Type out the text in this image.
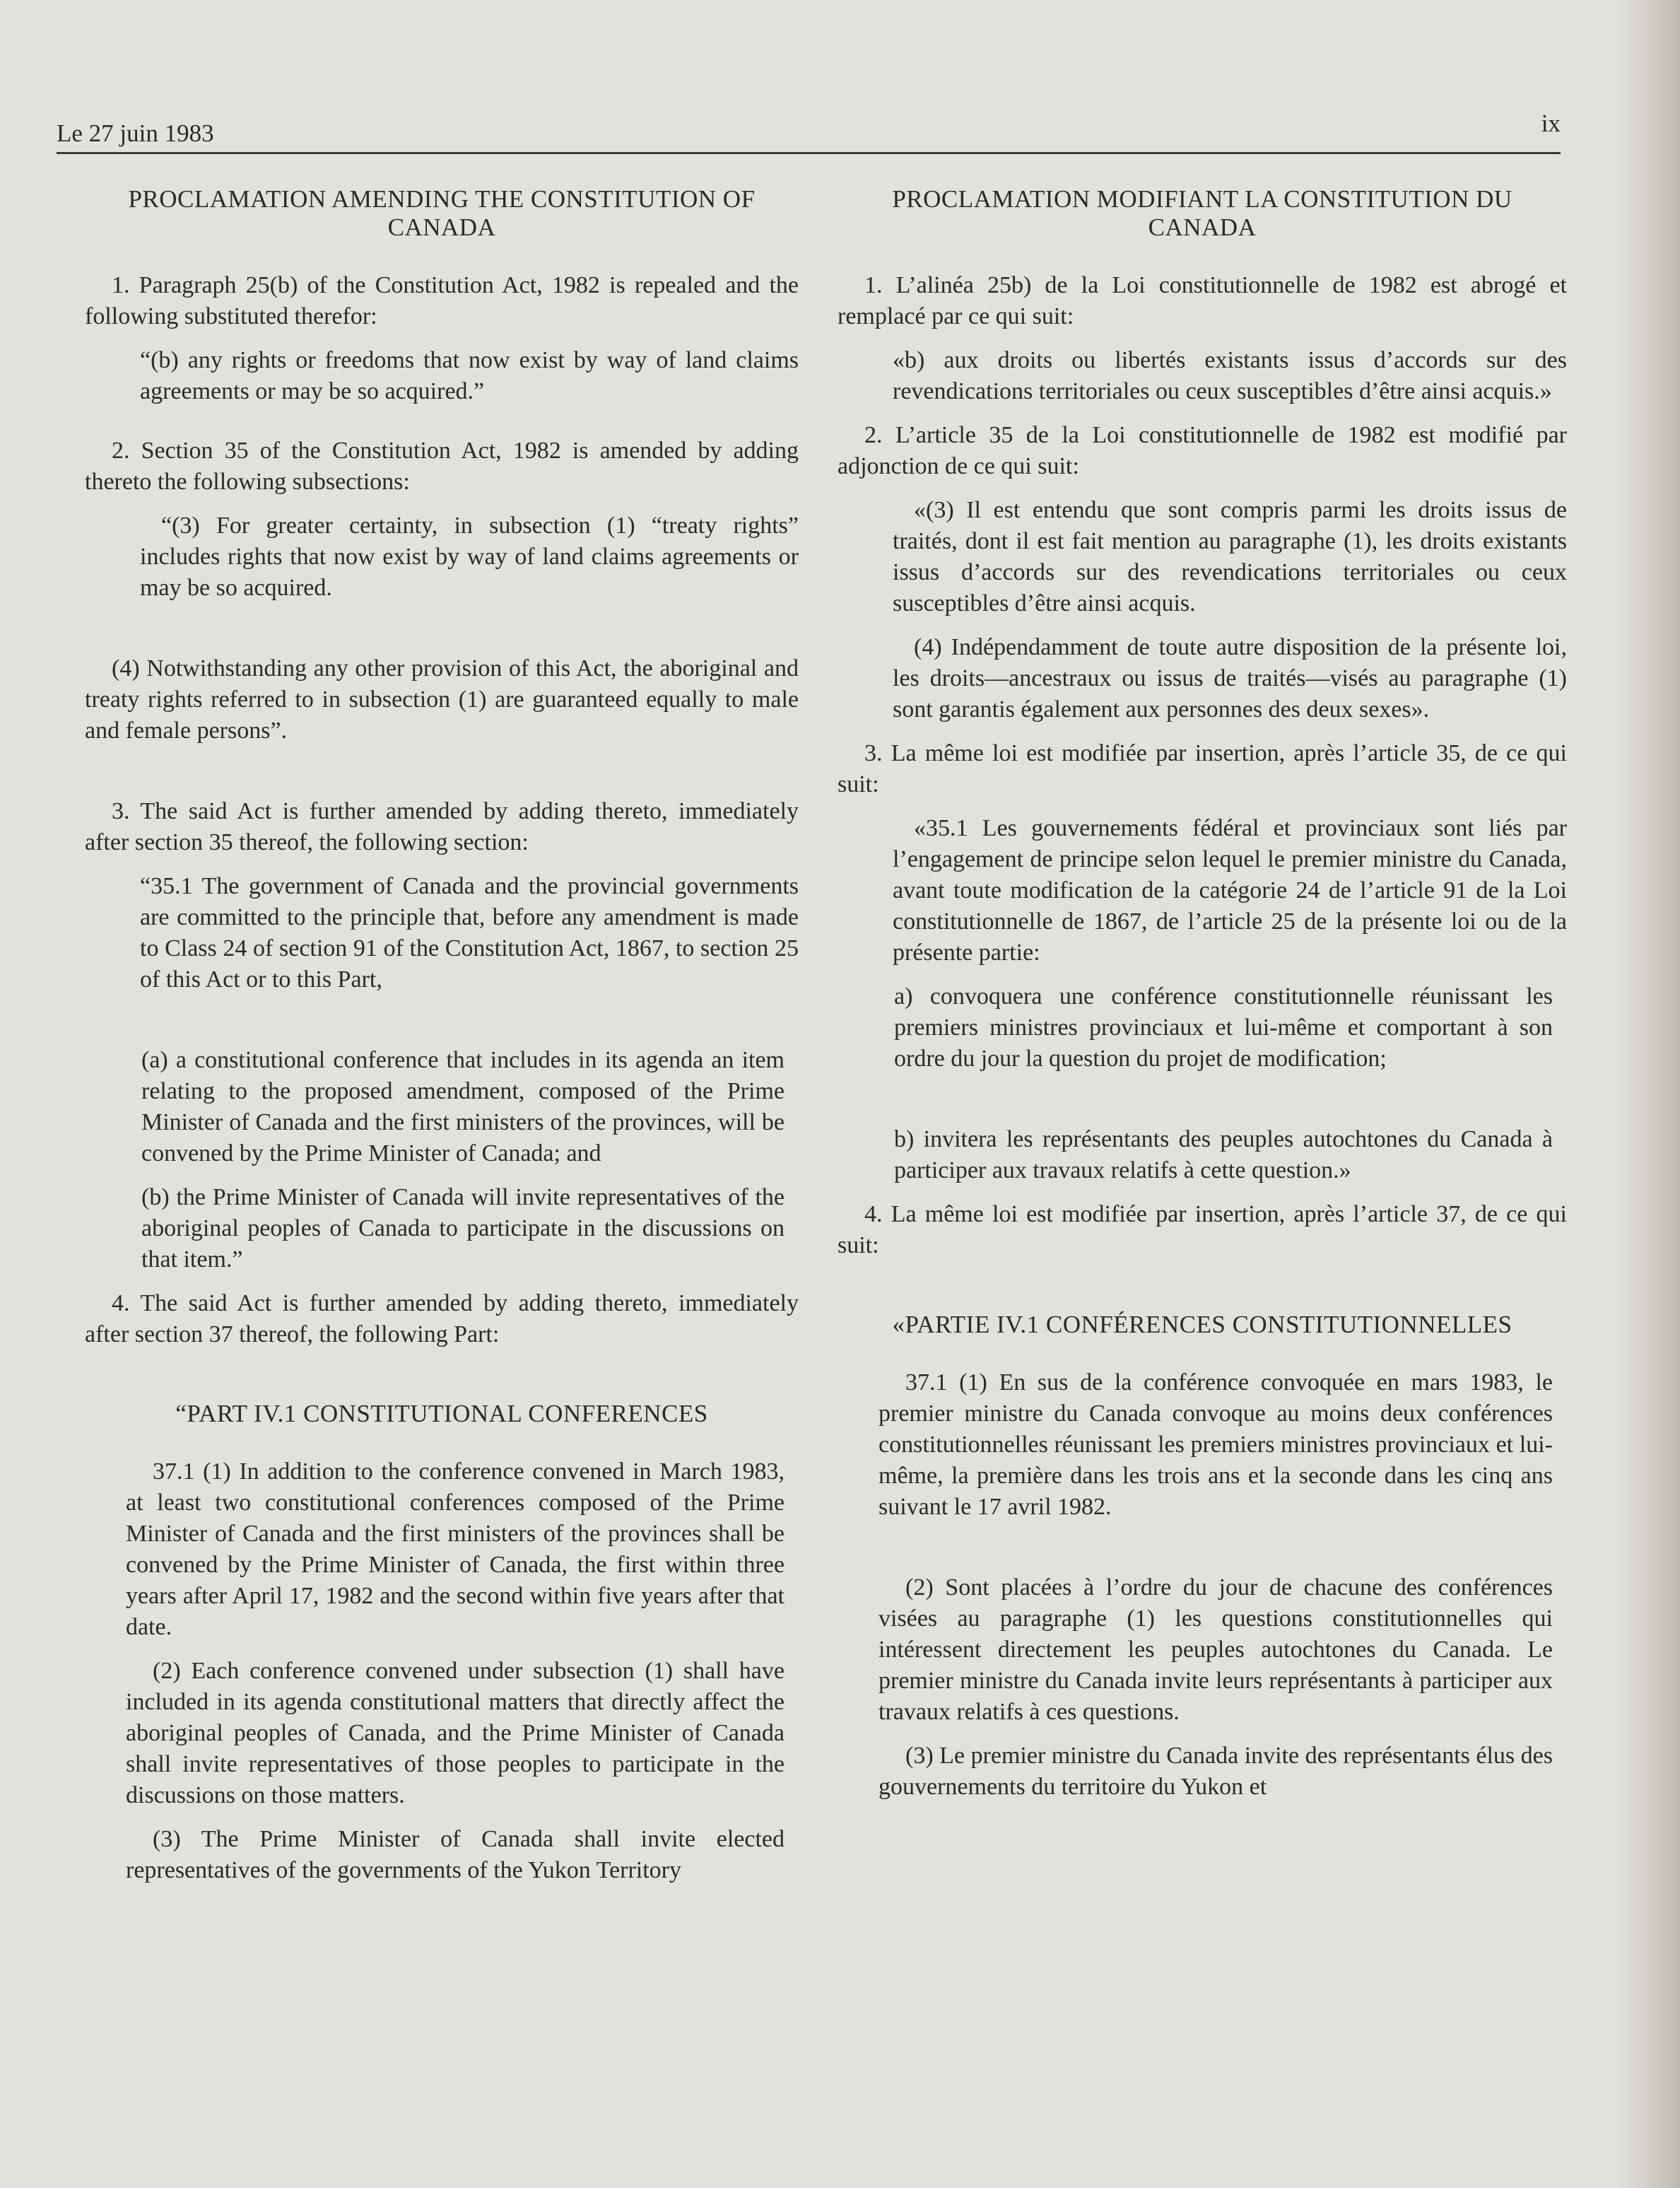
Le 27 juin 1983	ix

PROCLAMATION AMENDING THE CONSTITUTION OF CANADA

1. Paragraph 25(b) of the Constitution Act, 1982 is repealed and the following substituted therefor:

“(b) any rights or freedoms that now exist by way of land claims agreements or may be so acquired.”

2. Section 35 of the Constitution Act, 1982 is amended by adding thereto the following subsections:

“(3) For greater certainty, in subsection (1) “treaty rights” includes rights that now exist by way of land claims agreements or may be so acquired.

(4) Notwithstanding any other provision of this Act, the aboriginal and treaty rights referred to in subsection (1) are guaranteed equally to male and female persons”.

3. The said Act is further amended by adding thereto, immediately after section 35 thereof, the following section:

“35.1 The government of Canada and the provincial governments are committed to the principle that, before any amendment is made to Class 24 of section 91 of the Constitution Act, 1867, to section 25 of this Act or to this Part,

(a) a constitutional conference that includes in its agenda an item relating to the proposed amendment, composed of the Prime Minister of Canada and the first ministers of the provinces, will be convened by the Prime Minister of Canada; and

(b) the Prime Minister of Canada will invite representatives of the aboriginal peoples of Canada to participate in the discussions on that item.”

4. The said Act is further amended by adding thereto, immediately after section 37 thereof, the following Part:

“PART IV.1 CONSTITUTIONAL CONFERENCES

37.1 (1) In addition to the conference convened in March 1983, at least two constitutional conferences composed of the Prime Minister of Canada and the first ministers of the provinces shall be convened by the Prime Minister of Canada, the first within three years after April 17, 1982 and the second within five years after that date.

(2) Each conference convened under subsection (1) shall have included in its agenda constitutional matters that directly affect the aboriginal peoples of Canada, and the Prime Minister of Canada shall invite representatives of those peoples to participate in the discussions on those matters.

(3) The Prime Minister of Canada shall invite elected representatives of the governments of the Yukon Territory

PROCLAMATION MODIFIANT LA CONSTITUTION DU CANADA

1. L’alinéa 25b) de la Loi constitutionnelle de 1982 est abrogé et remplacé par ce qui suit:

«b) aux droits ou libertés existants issus d’accords sur des revendications territoriales ou ceux susceptibles d’être ainsi acquis.»

2. L’article 35 de la Loi constitutionnelle de 1982 est modifié par adjonction de ce qui suit:

«(3) Il est entendu que sont compris parmi les droits issus de traités, dont il est fait mention au paragraphe (1), les droits existants issus d’accords sur des revendications territoriales ou ceux susceptibles d’être ainsi acquis.

(4) Indépendamment de toute autre disposition de la présente loi, les droits—ancestraux ou issus de traités—visés au paragraphe (1) sont garantis également aux personnes des deux sexes».

3. La même loi est modifiée par insertion, après l’article 35, de ce qui suit:

«35.1 Les gouvernements fédéral et provinciaux sont liés par l’engagement de principe selon lequel le premier ministre du Canada, avant toute modification de la catégorie 24 de l’article 91 de la Loi constitutionnelle de 1867, de l’article 25 de la présente loi ou de la présente partie:

a) convoquera une conférence constitutionnelle réunissant les premiers ministres provinciaux et lui-même et comportant à son ordre du jour la question du projet de modification;

b) invitera les représentants des peuples autochtones du Canada à participer aux travaux relatifs à cette question.»

4. La même loi est modifiée par insertion, après l’article 37, de ce qui suit:

«PARTIE IV.1 CONFÉRENCES CONSTITUTIONNELLES

37.1 (1) En sus de la conférence convoquée en mars 1983, le premier ministre du Canada convoque au moins deux conférences constitutionnelles réunissant les premiers ministres provinciaux et lui-même, la première dans les trois ans et la seconde dans les cinq ans suivant le 17 avril 1982.

(2) Sont placées à l’ordre du jour de chacune des conférences visées au paragraphe (1) les questions constitutionnelles qui intéressent directement les peuples autochtones du Canada. Le premier ministre du Canada invite leurs représentants à participer aux travaux relatifs à ces questions.

(3) Le premier ministre du Canada invite des représentants élus des gouvernements du territoire du Yukon et
